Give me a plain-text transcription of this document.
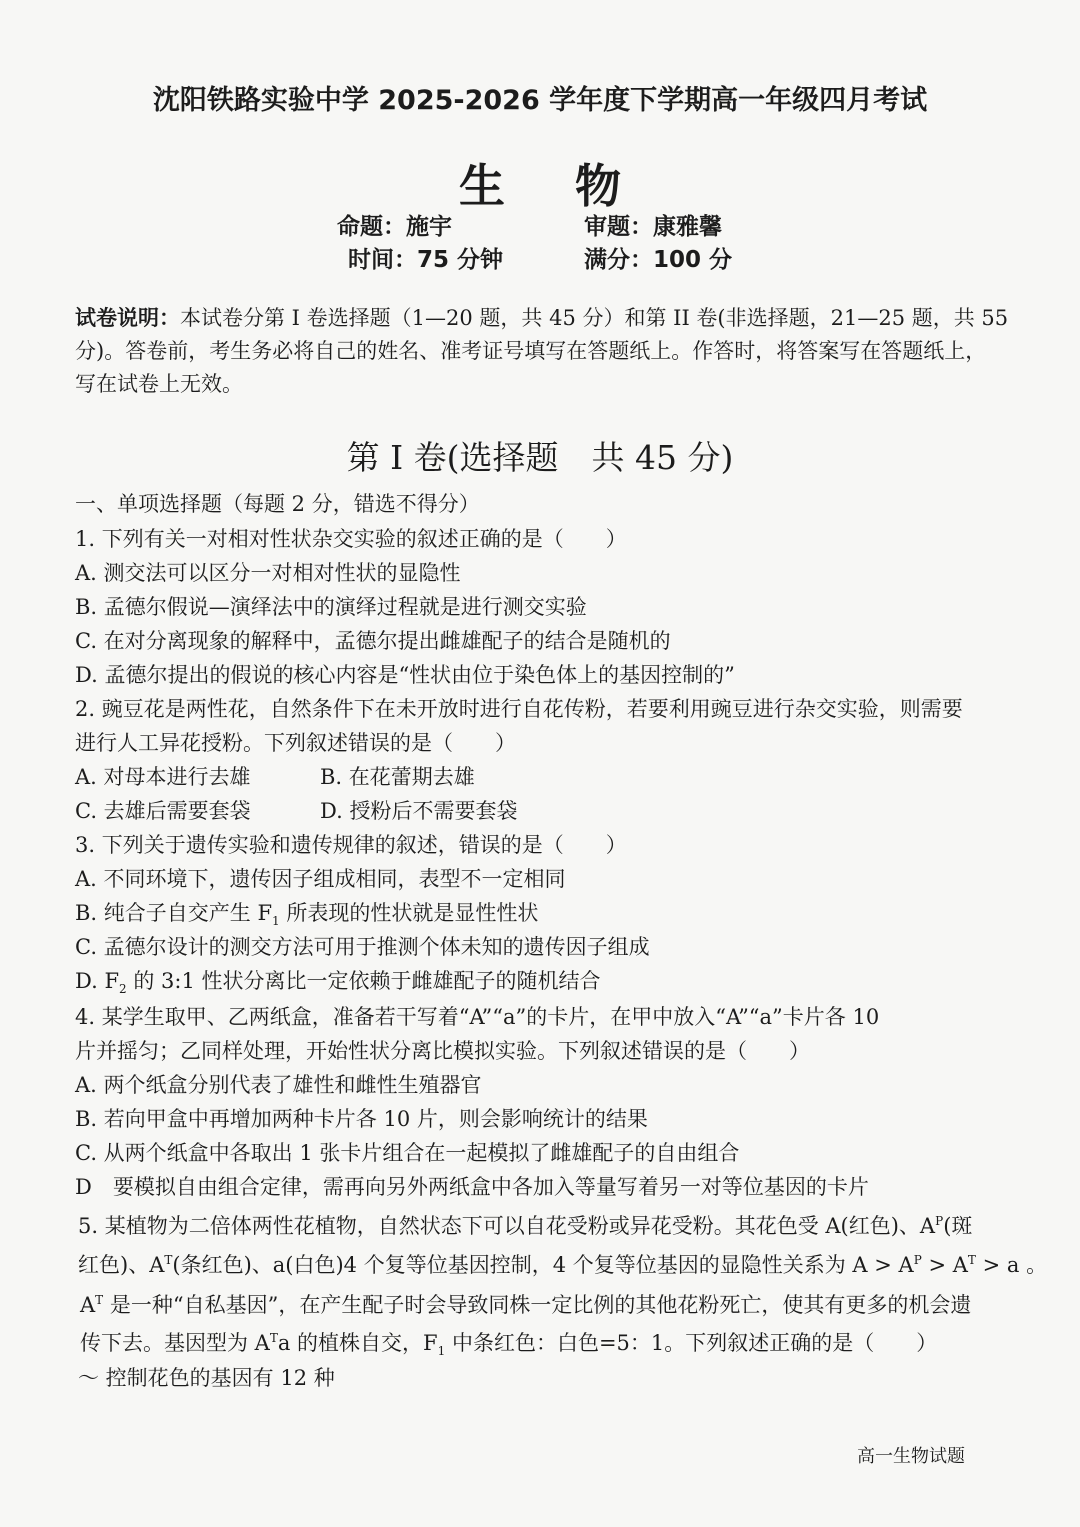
沈阳铁路实验中学 2025-2026 学年度下学期高一年级四月考试
生物
命题：施宇	审题：康雅馨
时间：75 分钟	满分：100 分
试卷说明：本试卷分第 I 卷选择题（1—20 题，共 45 分）和第 II 卷(非选择题，21—25 题，共 55
分)。答卷前，考生务必将自己的姓名、准考证号填写在答题纸上。作答时，将答案写在答题纸上，
写在试卷上无效。
第 I 卷(选择题　共 45 分)
一、单项选择题（每题 2 分，错选不得分）
1. 下列有关一对相对性状杂交实验的叙述正确的是（　　）
A. 测交法可以区分一对相对性状的显隐性
B. 孟德尔假说—演绎法中的演绎过程就是进行测交实验
C. 在对分离现象的解释中，孟德尔提出雌雄配子的结合是随机的
D. 孟德尔提出的假说的核心内容是“性状由位于染色体上的基因控制的”
2. 豌豆花是两性花，自然条件下在未开放时进行自花传粉，若要利用豌豆进行杂交实验，则需要
进行人工异花授粉。下列叙述错误的是（　　）
A. 对母本进行去雄	B. 在花蕾期去雄
C. 去雄后需要套袋	D. 授粉后不需要套袋
3. 下列关于遗传实验和遗传规律的叙述，错误的是（　　）
A. 不同环境下，遗传因子组成相同，表型不一定相同
B. 纯合子自交产生 $F_1$ 所表现的性状就是显性性状
C. 孟德尔设计的测交方法可用于推测个体未知的遗传因子组成
D. $F_2$ 的 3:1 性状分离比一定依赖于雌雄配子的随机结合
4. 某学生取甲、乙两纸盒，准备若干写着“A”“a”的卡片，在甲中放入“A”“a”卡片各 10
片并摇匀；乙同样处理，开始性状分离比模拟实验。下列叙述错误的是（　　）
A. 两个纸盒分别代表了雄性和雌性生殖器官
B. 若向甲盒中再增加两种卡片各 10 片，则会影响统计的结果
C. 从两个纸盒中各取出 1 张卡片组合在一起模拟了雌雄配子的自由组合
D　要模拟自由组合定律，需再向另外两纸盒中各加入等量写着另一对等位基因的卡片
5. 某植物为二倍体两性花植物，自然状态下可以自花受粉或异花受粉。其花色受 A(红色)、$A^P$(斑
红色)、$A^T$(条红色)、a(白色)4 个复等位基因控制，4 个复等位基因的显隐性关系为 $A > A^P > A^T > a$ 。
$A^T$ 是一种“自私基因”，在产生配子时会导致同株一定比例的其他花粉死亡，使其有更多的机会遗
传下去。基因型为 $A^Ta$ 的植株自交，$F_1$ 中条红色：白色=5：1。下列叙述正确的是（　　）
～ 控制花色的基因有 12 种
高一生物试题
